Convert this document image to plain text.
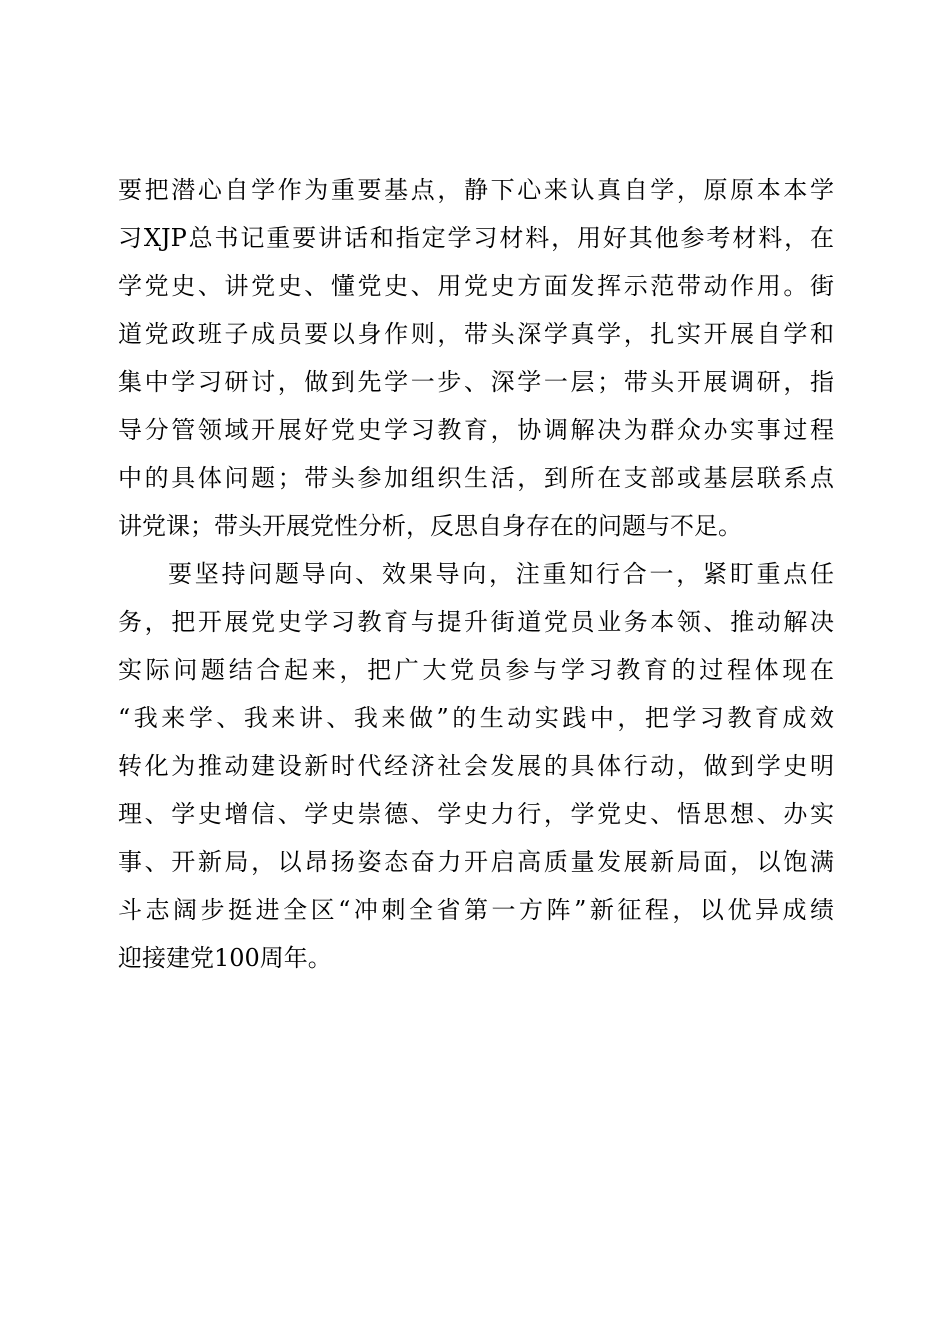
要把潜心自学作为重要基点，静下心来认真自学，原原本本学
习XJP总书记重要讲话和指定学习材料，用好其他参考材料，在
学党史、讲党史、懂党史、用党史方面发挥示范带动作用。街
道党政班子成员要以身作则，带头深学真学，扎实开展自学和
集中学习研讨，做到先学一步、深学一层；带头开展调研，指
导分管领域开展好党史学习教育，协调解决为群众办实事过程
中的具体问题；带头参加组织生活，到所在支部或基层联系点
讲党课；带头开展党性分析，反思自身存在的问题与不足。
要坚持问题导向、效果导向，注重知行合一，紧盯重点任
务，把开展党史学习教育与提升街道党员业务本领、推动解决
实际问题结合起来，把广大党员参与学习教育的过程体现在
“我来学、我来讲、我来做”的生动实践中，把学习教育成效
转化为推动建设新时代经济社会发展的具体行动，做到学史明
理、学史增信、学史崇德、学史力行，学党史、悟思想、办实
事、开新局，以昂扬姿态奋力开启高质量发展新局面，以饱满
斗志阔步挺进全区“冲刺全省第一方阵”新征程，以优异成绩
迎接建党100周年。
